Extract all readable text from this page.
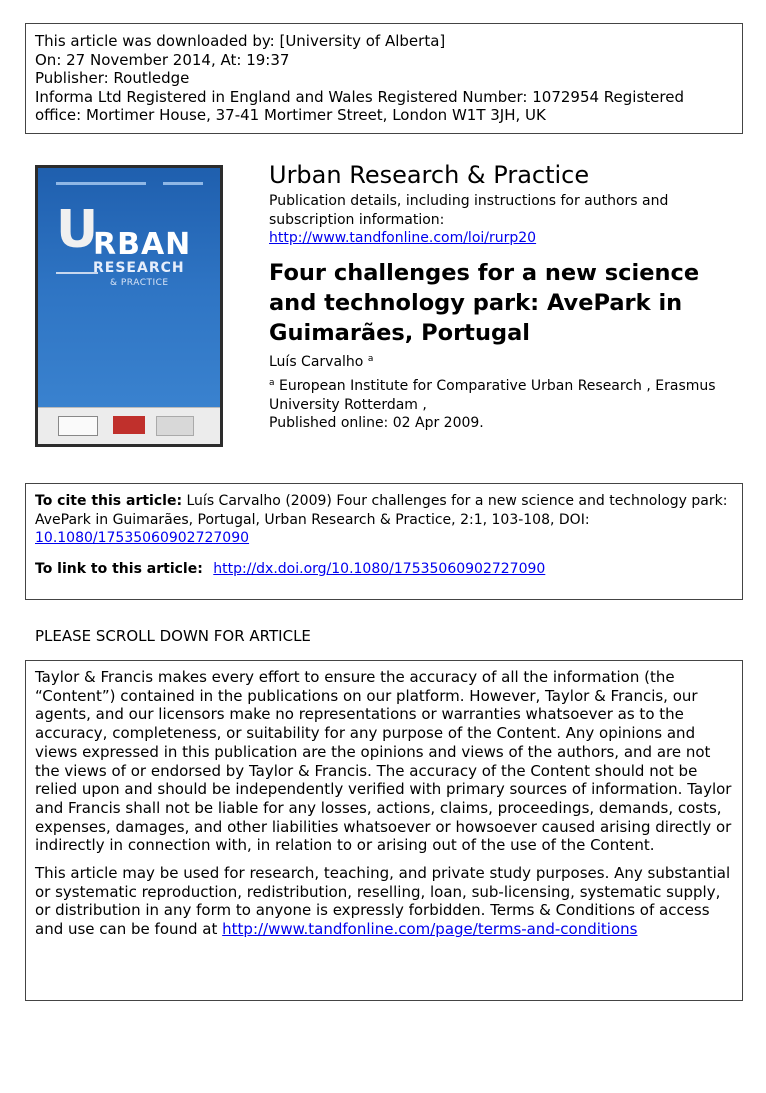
This article was downloaded by: [University of Alberta]
On: 27 November 2014, At: 19:37
Publisher: Routledge
Informa Ltd Registered in England and Wales Registered Number: 1072954 Registered office: Mortimer House, 37-41 Mortimer Street, London W1T 3JH, UK
U
RBAN
RESEARCH
& PRACTICE
Urban Research & Practice
Publication details, including instructions for authors and subscription information:
http://www.tandfonline.com/loi/rurp20
Four challenges for a new science and technology park: AvePark in Guimarães, Portugal
Luís Carvalho $^a$
$^a$ European Institute for Comparative Urban Research , Erasmus University Rotterdam ,
Published online: 02 Apr 2009.
To cite this article: Luís Carvalho (2009) Four challenges for a new science and technology park: AvePark in Guimarães, Portugal, Urban Research & Practice, 2:1, 103-108, DOI: 10.1080/17535060902727090
To link to this article: http://dx.doi.org/10.1080/17535060902727090
PLEASE SCROLL DOWN FOR ARTICLE

Taylor & Francis makes every effort to ensure the accuracy of all the information (the “Content”) contained in the publications on our platform. However, Taylor & Francis, our agents, and our licensors make no representations or warranties whatsoever as to the accuracy, completeness, or suitability for any purpose of the Content. Any opinions and views expressed in this publication are the opinions and views of the authors, and are not the views of or endorsed by Taylor & Francis. The accuracy of the Content should not be relied upon and should be independently verified with primary sources of information. Taylor and Francis shall not be liable for any losses, actions, claims, proceedings, demands, costs, expenses, damages, and other liabilities whatsoever or howsoever caused arising directly or indirectly in connection with, in relation to or arising out of the use of the Content.

This article may be used for research, teaching, and private study purposes. Any substantial or systematic reproduction, redistribution, reselling, loan, sub-licensing, systematic supply, or distribution in any form to anyone is expressly forbidden. Terms & Conditions of access and use can be found at http://www.tandfonline.com/page/terms-and-conditions
